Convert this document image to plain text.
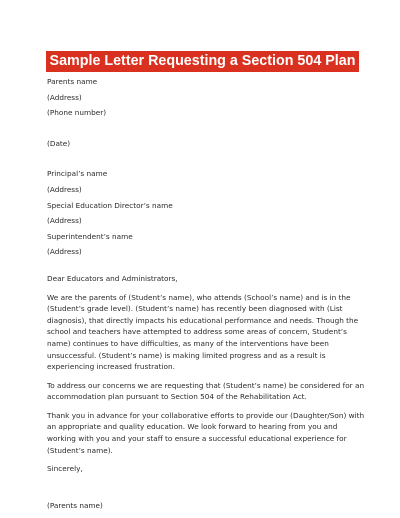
Sample Letter Requesting a Section 504 Plan

Parents name

(Address)

(Phone number)

(Date)

Principal’s name

(Address)

Special Education Director’s name

(Address)

Superintendent’s name

(Address)

Dear Educators and Administrators,

We are the parents of (Student’s name), who attends (School’s name) and is in the (Student’s grade level). (Student’s name) has recently been diagnosed with (List diagnosis), that directly impacts his educational performance and needs. Though the school and teachers have attempted to address some areas of concern, Student’s name) continues to have difficulties, as many of the interventions have been unsuccessful. (Student’s name) is making limited progress and as a result is experiencing increased frustration.

To address our concerns we are requesting that (Student’s name) be considered for an accommodation plan pursuant to Section 504 of the Rehabilitation Act.

Thank you in advance for your collaborative efforts to provide our (Daughter/Son) with an appropriate and quality education. We look forward to hearing from you and working with you and your staff to ensure a successful educational experience for (Student’s name).

Sincerely,

(Parents name)
